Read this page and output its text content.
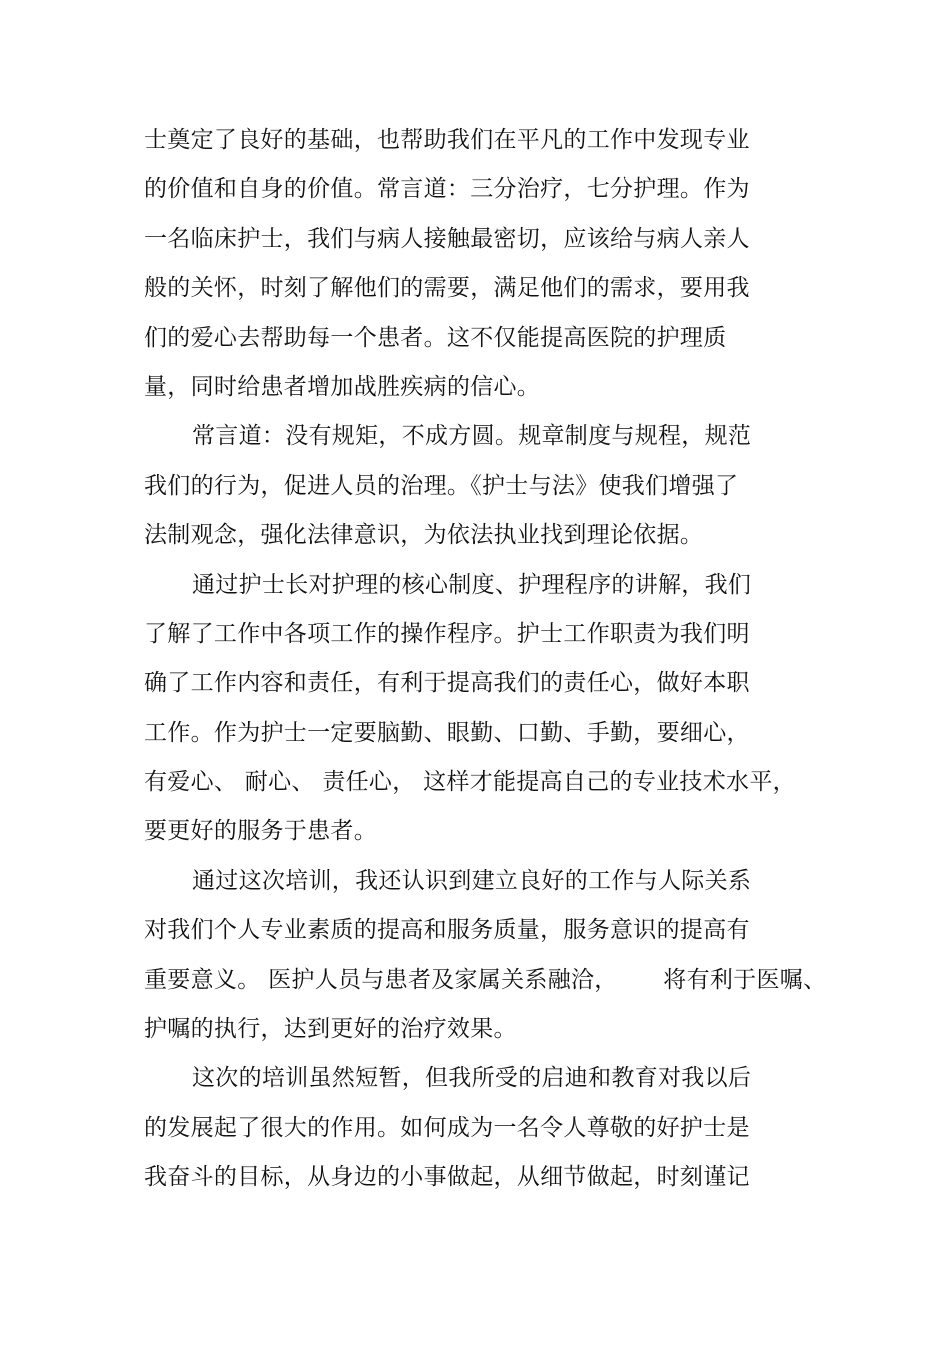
士奠定了良好的基础，也帮助我们在平凡的工作中发现专业
的价值和自身的价值。常言道：三分治疗，七分护理。作为
一名临床护士，我们与病人接触最密切，应该给与病人亲人
般的关怀，时刻了解他们的需要，满足他们的需求，要用我
们的爱心去帮助每一个患者。这不仅能提高医院的护理质
量，同时给患者增加战胜疾病的信心。
常言道：没有规矩，不成方圆。规章制度与规程，规范
我们的行为，促进人员的治理。《护士与法》使我们增强了
法制观念，强化法律意识，为依法执业找到理论依据。
通过护士长对护理的核心制度、护理程序的讲解，我们
了解了工作中各项工作的操作程序。护士工作职责为我们明
确了工作内容和责任，有利于提高我们的责任心，做好本职
工作。作为护士一定要脑勤、眼勤、口勤、手勤，要细心，
有爱心、 耐心、 责任心， 这样才能提高自己的专业技术水平，
要更好的服务于患者。
通过这次培训，我还认识到建立良好的工作与人际关系
对我们个人专业素质的提高和服务质量，服务意识的提高有
重要意义。 医护人员与患者及家属关系融洽，      将有利于医嘱、
护嘱的执行，达到更好的治疗效果。
这次的培训虽然短暂，但我所受的启迪和教育对我以后
的发展起了很大的作用。如何成为一名令人尊敬的好护士是
我奋斗的目标，从身边的小事做起，从细节做起，时刻谨记
